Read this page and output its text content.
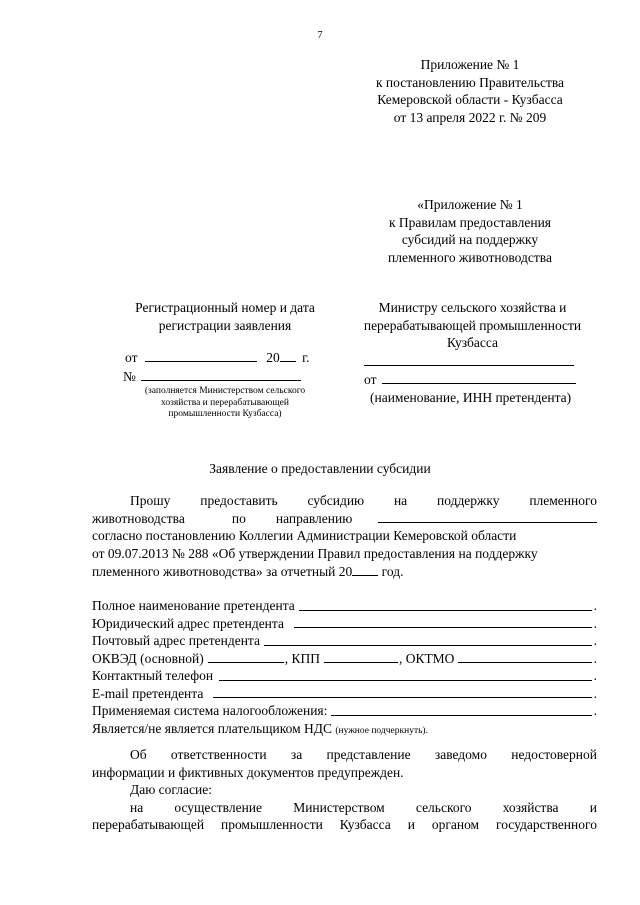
7
Приложение № 1
к постановлению Правительства
Кемеровской области - Кузбасса
от 13 апреля 2022 г. № 209
«Приложение № 1
к Правилам предоставления
субсидий на поддержку
племенного животноводства
Регистрационный номер и дата
регистрации заявления
от	20 г.
№
(заполняется Министерством сельского
хозяйства и перерабатывающей
промышленности Кузбасса)
Министру сельского хозяйства и
перерабатывающей промышленности
Кузбасса
от
(наименование, ИНН претендента)
Заявление о предоставлении субсидии
Прошу предоставить субсидию на поддержку племенного
животноводства	по направлению
согласно постановлению Коллегии Администрации Кемеровской области
от 09.07.2013 № 288 «Об утверждении Правил предоставления на поддержку
племенного животноводства» за отчетный 20 год.
Полное наименование претендента	.
Юридический адрес претендента	.
Почтовый адрес претендента	.
ОКВЭД (основной)	, КПП	, ОКТМО	.
Контактный телефон	.
E-mail претендента	.
Применяемая система налогообложения:	.
Является/не является плательщиком НДС (нужное подчеркнуть).
Об ответственности за представление заведомо недостоверной
информации и фиктивных документов предупрежден.
Даю согласие:
на осуществление Министерством сельского хозяйства и
перерабатывающей промышленности Кузбасса и органом государственного
